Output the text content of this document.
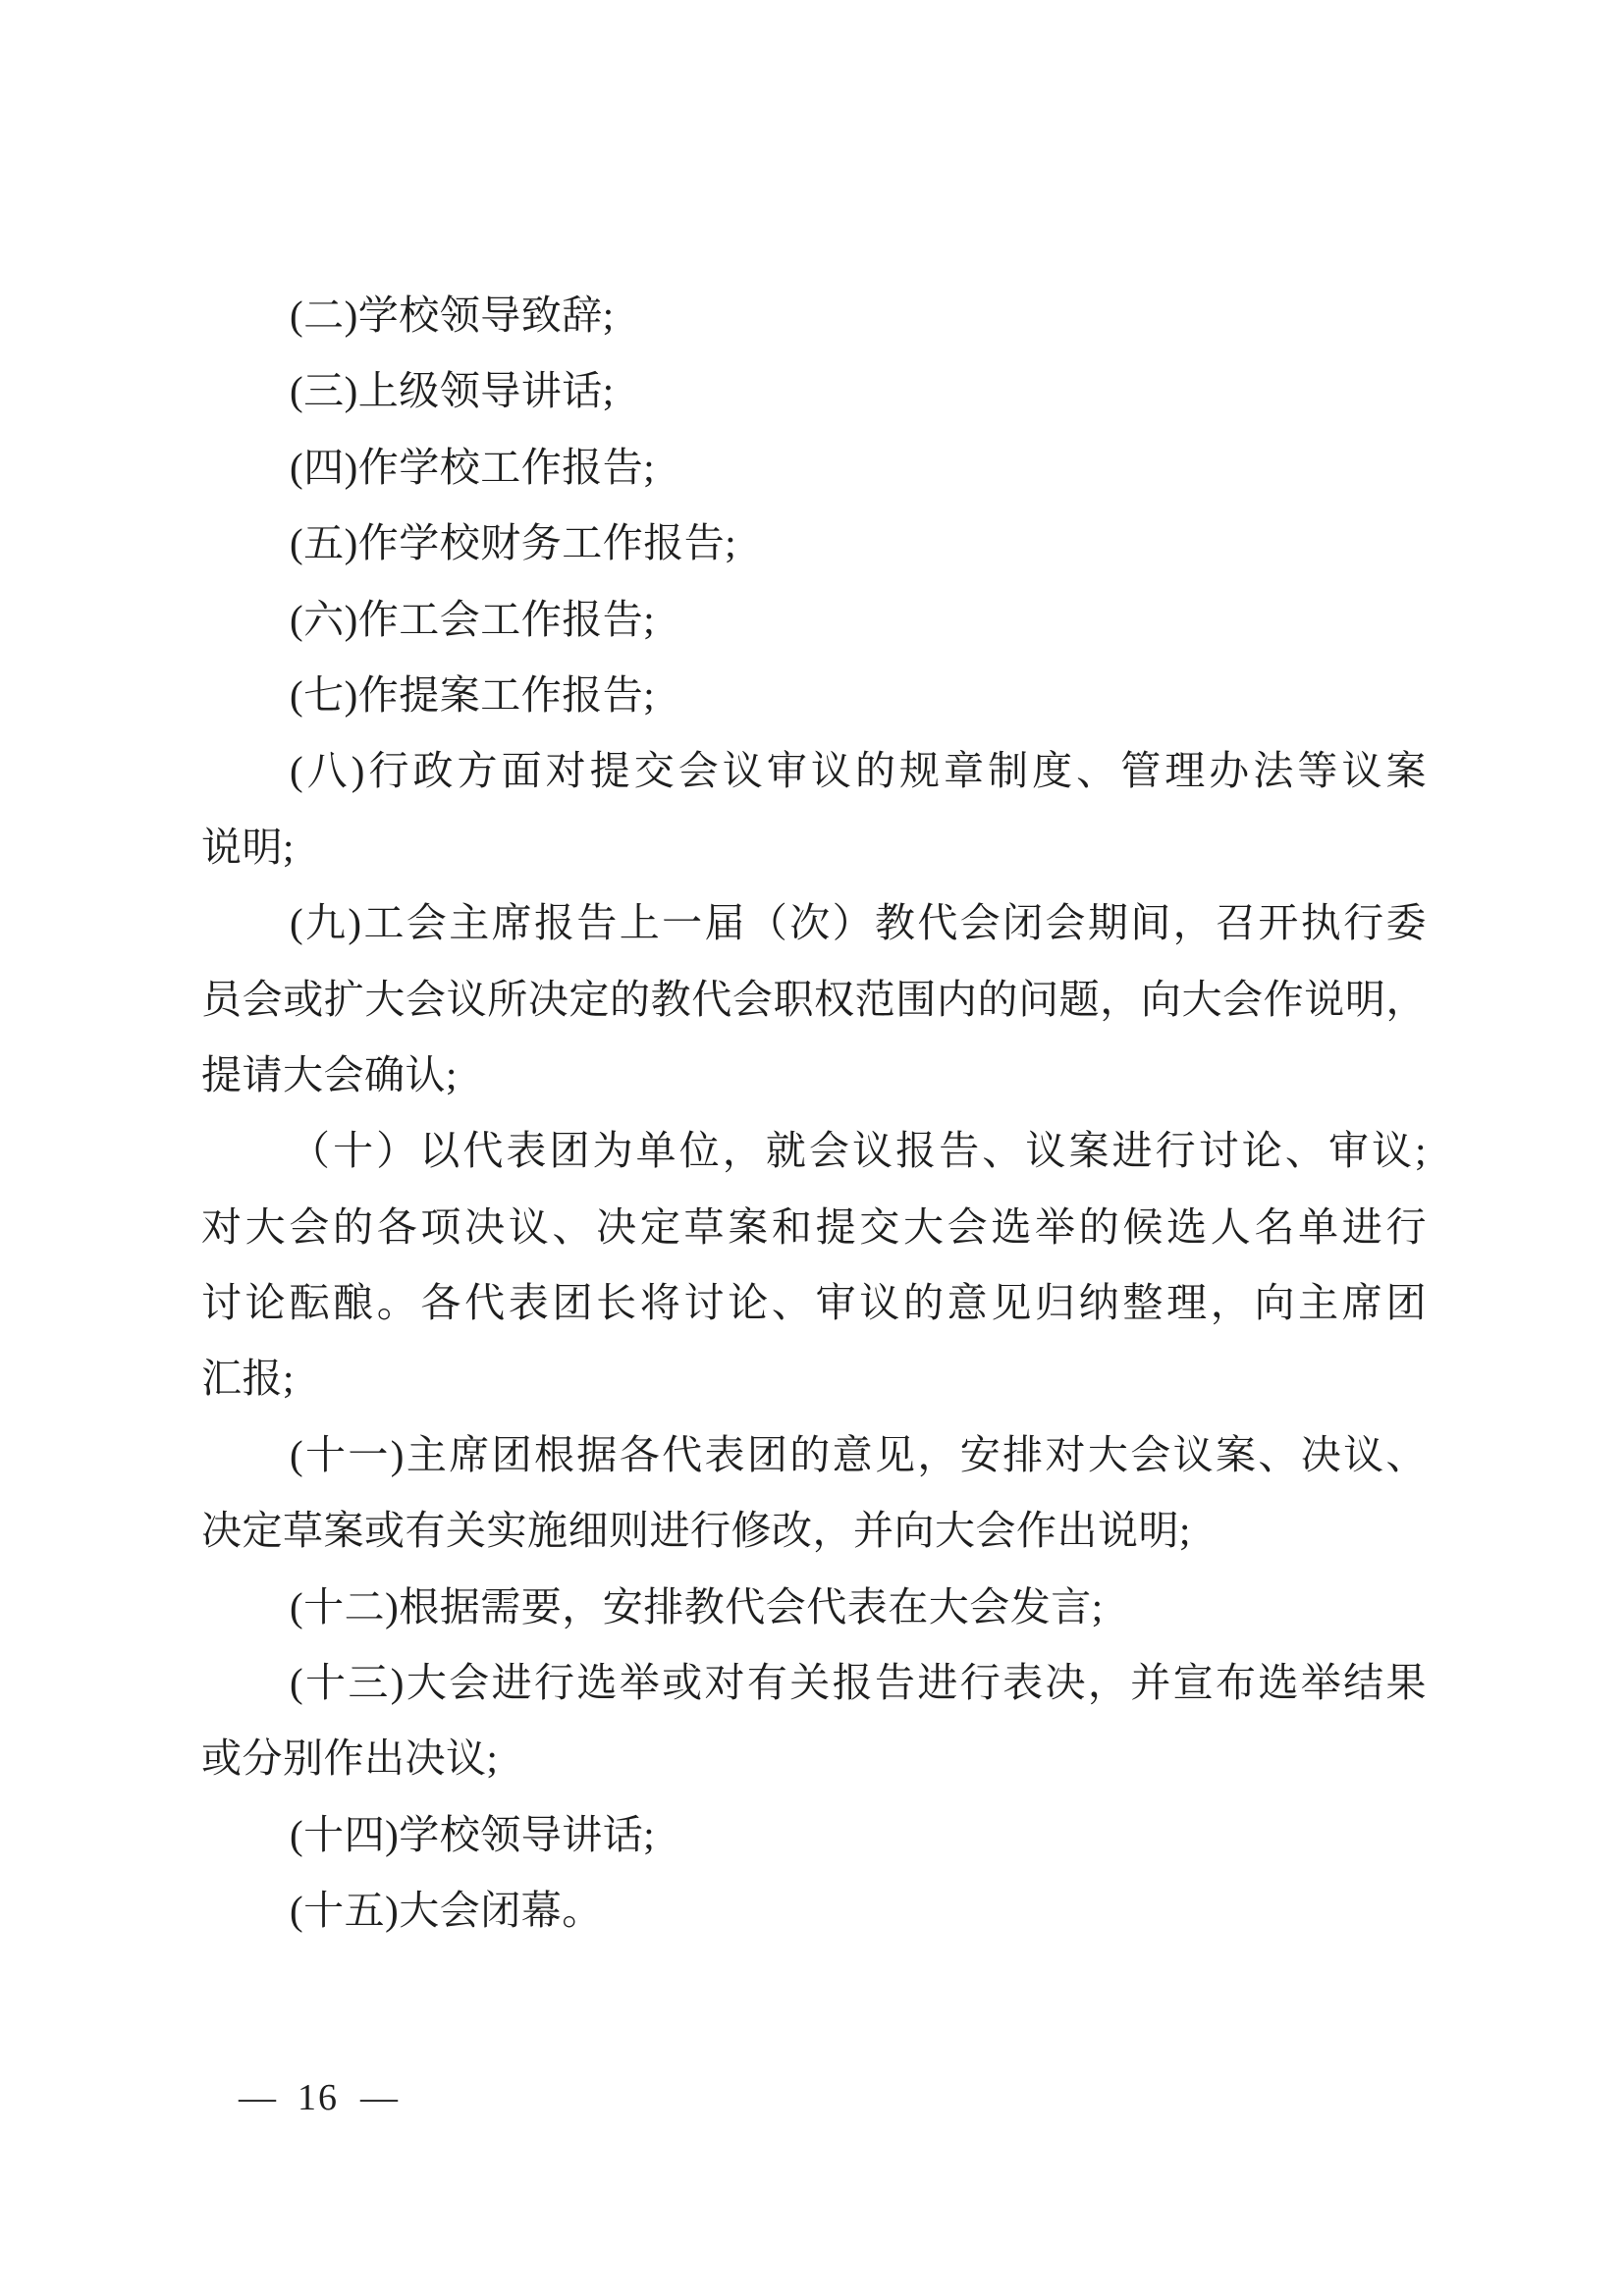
(二)学校领导致辞;
(三)上级领导讲话;
(四)作学校工作报告;
(五)作学校财务工作报告;
(六)作工会工作报告;
(七)作提案工作报告;
(八)行政方面对提交会议审议的规章制度、管理办法等议案
说明;
(九)工会主席报告上一届（次）教代会闭会期间，召开执行委
员会或扩大会议所决定的教代会职权范围内的问题，向大会作说明，
提请大会确认;
（十）以代表团为单位，就会议报告、议案进行讨论、审议;
对大会的各项决议、决定草案和提交大会选举的候选人名单进行
讨论酝酿。各代表团长将讨论、审议的意见归纳整理，向主席团
汇报;
(十一)主席团根据各代表团的意见，安排对大会议案、决议、
决定草案或有关实施细则进行修改，并向大会作出说明;
(十二)根据需要，安排教代会代表在大会发言;
(十三)大会进行选举或对有关报告进行表决，并宣布选举结果
或分别作出决议;
(十四)学校领导讲话;
(十五)大会闭幕。
— 16 —
